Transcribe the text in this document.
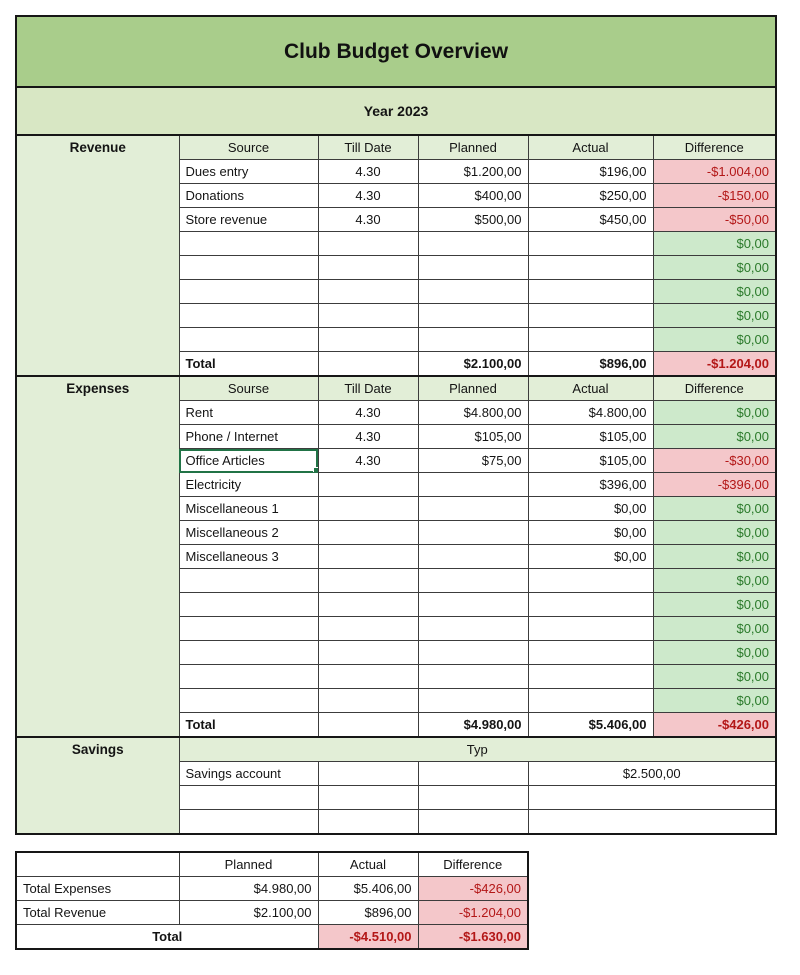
Club Budget Overview					
Year 2023					
Revenue	Source	Till Date	Planned	Actual	Difference
	Dues entry	4.30	$1.200,00	$196,00	-$1.004,00
	Donations	4.30	$400,00	$250,00	-$150,00
	Store revenue	4.30	$500,00	$450,00	-$50,00
					$0,00
					$0,00
					$0,00
					$0,00
					$0,00
	Total		$2.100,00	$896,00	-$1.204,00
Expenses	Sourse	Till Date	Planned	Actual	Difference
	Rent	4.30	$4.800,00	$4.800,00	$0,00
	Phone / Internet	4.30	$105,00	$105,00	$0,00
	Office Articles	4.30	$75,00	$105,00	-$30,00
	Electricity			$396,00	-$396,00
	Miscellaneous 1			$0,00	$0,00
	Miscellaneous 2			$0,00	$0,00
	Miscellaneous 3			$0,00	$0,00
					$0,00
					$0,00
					$0,00
					$0,00
					$0,00
					$0,00
	Total		$4.980,00	$5.406,00	-$426,00
Savings	Typ				
	Savings account			$2.500,00	

	Planned	Actual	Difference
Total Expenses	$4.980,00	$5.406,00	-$426,00
Total Revenue	$2.100,00	$896,00	-$1.204,00
Total		-$4.510,00	-$1.630,00
